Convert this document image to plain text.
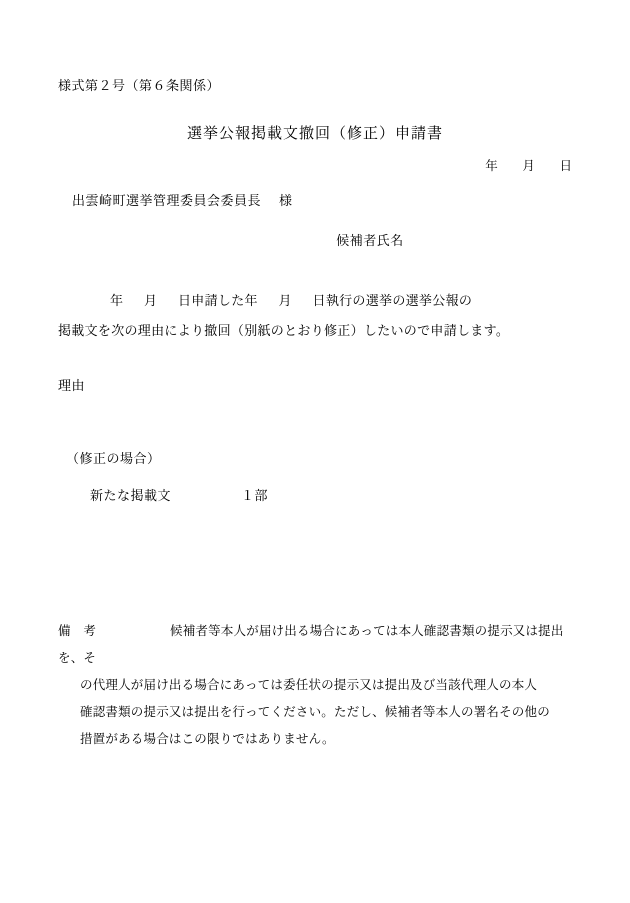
様式第２号（第６条関係）
選挙公報掲載文撤回（修正）申請書
年 月 日
出雲崎町選挙管理委員会委員長 様
候補者氏名
年 月 日申請した年 月 日執行の選挙の選挙公報の
掲載文を次の理由により撤回（別紙のとおり修正）したいので申請します。
理由
（修正の場合）
新たな掲載文	１部
備　考	候補者等本人が届け出る場合にあっては本人確認書類の提示又は提出を、そ
の代理人が届け出る場合にあっては委任状の提示又は提出及び当該代理人の本人
確認書類の提示又は提出を行ってください。ただし、候補者等本人の署名その他の
措置がある場合はこの限りではありません。
